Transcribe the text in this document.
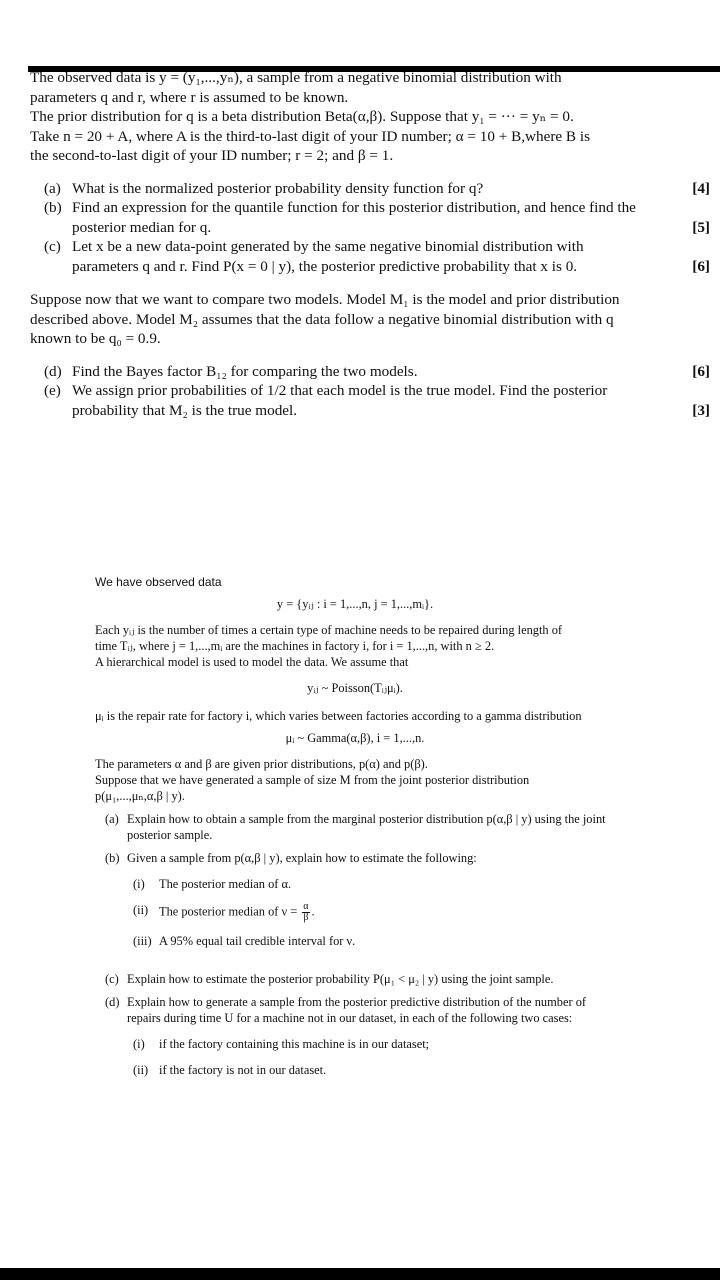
The observed data is y = (y₁,...,yₙ), a sample from a negative binomial distribution with

parameters q and r, where r is assumed to be known.

The prior distribution for q is a beta distribution Beta(α,β). Suppose that y₁ = ··· = yₙ = 0.

Take n = 20 + A, where A is the third-to-last digit of your ID number; α = 10 + B,where B is

the second-to-last digit of your ID number; r = 2; and β = 1.

(a) What is the normalized posterior probability density function for q?	[4]

(b) Find an expression for the quantile function for this posterior distribution, and hence find the posterior median for q.	[5]

(c) Let x be a new data-point generated by the same negative binomial distribution with parameters q and r. Find P(x = 0 | y), the posterior predictive probability that x is 0.	[6]

Suppose now that we want to compare two models. Model M₁ is the model and prior distribution described above. Model M₂ assumes that the data follow a negative binomial distribution with q known to be q₀ = 0.9.

(d) Find the Bayes factor B₁₂ for comparing the two models.	[6]

(e) We assign prior probabilities of 1/2 that each model is the true model. Find the posterior probability that M₂ is the true model.	[3]

We have observed data

y = {yᵢⱼ : i = 1,...,n, j = 1,...,mᵢ}.

Each yᵢⱼ is the number of times a certain type of machine needs to be repaired during length of

time Tᵢⱼ, where j = 1,...,mᵢ are the machines in factory i, for i = 1,...,n, with n ≥ 2.

A hierarchical model is used to model the data. We assume that

yᵢⱼ ~ Poisson(Tᵢⱼμᵢ).

μᵢ is the repair rate for factory i, which varies between factories according to a gamma distribution

μᵢ ~ Gamma(α,β), i = 1,...,n.

The parameters α and β are given prior distributions, p(α) and p(β).

Suppose that we have generated a sample of size M from the joint posterior distribution

p(μ₁,...,μₙ,α,β | y).

(a) Explain how to obtain a sample from the marginal posterior distribution p(α,β | y) using the joint posterior sample.

(b) Given a sample from p(α,β | y), explain how to estimate the following:

(i) The posterior median of α.

(ii) The posterior median of $\nu = \frac{\alpha}{\beta}$ .

(iii) A 95% equal tail credible interval for ν.

(c) Explain how to estimate the posterior probability P(μ₁ < μ₂ | y) using the joint sample.

(d) Explain how to generate a sample from the posterior predictive distribution of the number of repairs during time U for a machine not in our dataset, in each of the following two cases:

(i) if the factory containing this machine is in our dataset;

(ii) if the factory is not in our dataset.
